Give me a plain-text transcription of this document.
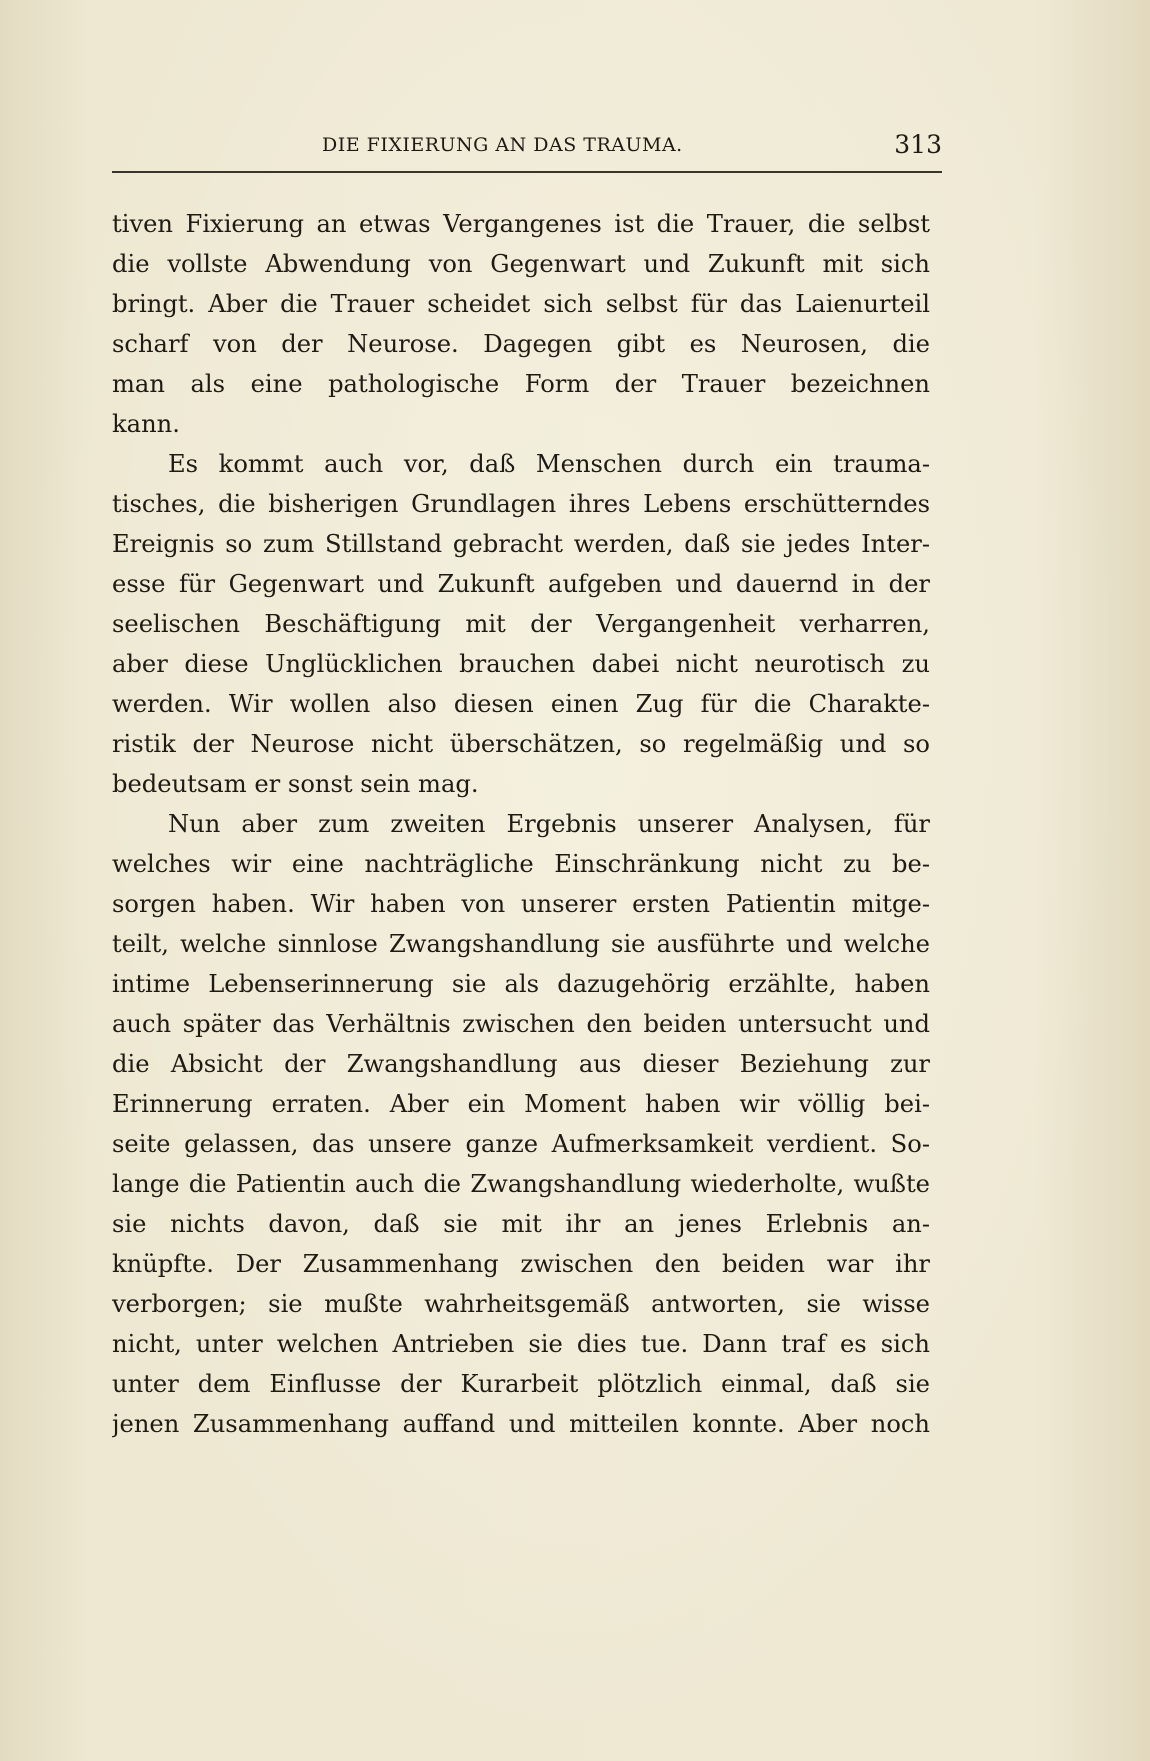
DIE FIXIERUNG AN DAS TRAUMA.	313
tiven Fixierung an etwas Vergangenes ist die Trauer, die selbst
die vollste Abwendung von Gegenwart und Zukunft mit sich
bringt. Aber die Trauer scheidet sich selbst für das Laienurteil
scharf von der Neurose. Dagegen gibt es Neurosen, die
man als eine pathologische Form der Trauer bezeichnen
kann.
Es kommt auch vor, daß Menschen durch ein trauma-
tisches, die bisherigen Grundlagen ihres Lebens erschütterndes
Ereignis so zum Stillstand gebracht werden, daß sie jedes Inter-
esse für Gegenwart und Zukunft aufgeben und dauernd in der
seelischen Beschäftigung mit der Vergangenheit verharren,
aber diese Unglücklichen brauchen dabei nicht neurotisch zu
werden. Wir wollen also diesen einen Zug für die Charakte-
ristik der Neurose nicht überschätzen, so regelmäßig und so
bedeutsam er sonst sein mag.
Nun aber zum zweiten Ergebnis unserer Analysen, für
welches wir eine nachträgliche Einschränkung nicht zu be-
sorgen haben. Wir haben von unserer ersten Patientin mitge-
teilt, welche sinnlose Zwangshandlung sie ausführte und welche
intime Lebenserinnerung sie als dazugehörig erzählte, haben
auch später das Verhältnis zwischen den beiden untersucht und
die Absicht der Zwangshandlung aus dieser Beziehung zur
Erinnerung erraten. Aber ein Moment haben wir völlig bei-
seite gelassen, das unsere ganze Aufmerksamkeit verdient. So-
lange die Patientin auch die Zwangshandlung wiederholte, wußte
sie nichts davon, daß sie mit ihr an jenes Erlebnis an-
knüpfte. Der Zusammenhang zwischen den beiden war ihr
verborgen; sie mußte wahrheitsgemäß antworten, sie wisse
nicht, unter welchen Antrieben sie dies tue. Dann traf es sich
unter dem Einflusse der Kurarbeit plötzlich einmal, daß sie
jenen Zusammenhang auffand und mitteilen konnte. Aber noch
